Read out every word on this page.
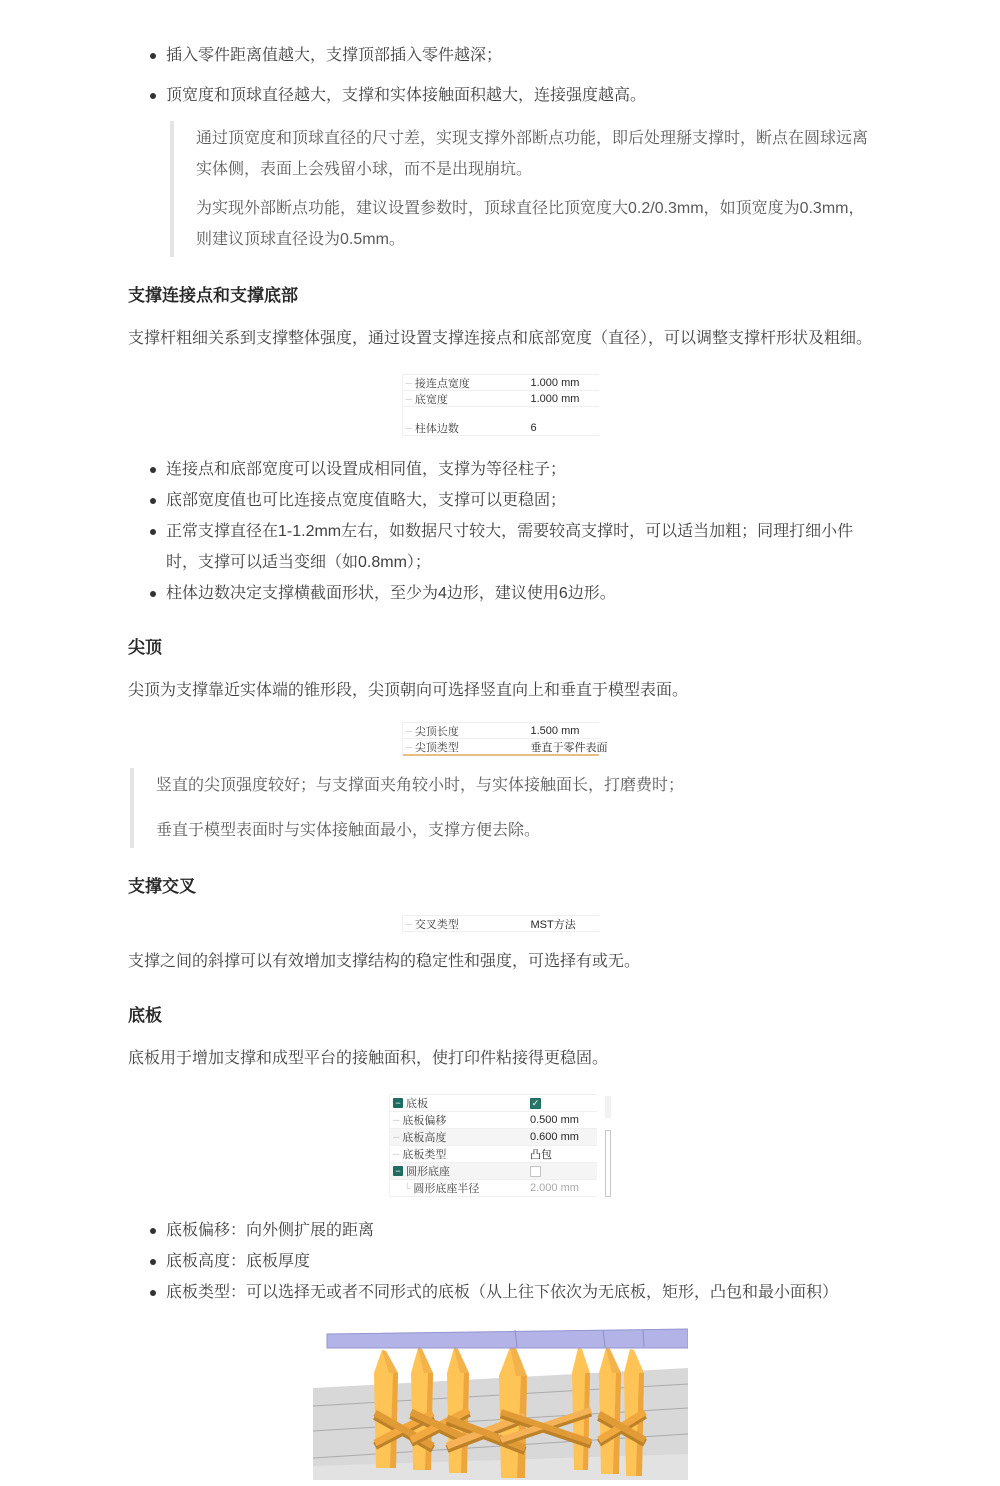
插入零件距离值越大，支撑顶部插入零件越深；
顶宽度和顶球直径越大，支撑和实体接触面积越大，连接强度越高。

通过顶宽度和顶球直径的尺寸差，实现支撑外部断点功能，即后处理掰支撑时，断点在圆球远离实体侧，表面上会残留小球，而不是出现崩坑。

为实现外部断点功能，建议设置参数时，顶球直径比顶宽度大0.2/0.3mm，如顶宽度为0.3mm，则建议顶球直径设为0.5mm。

支撑连接点和支撑底部

支撑杆粗细关系到支撑整体强度，通过设置支撑连接点和底部宽度（直径），可以调整支撑杆形状及粗细。

─ 接连点宽度	1.000 mm
─ 底宽度	1.000 mm
─ 柱体边数	6
连接点和底部宽度可以设置成相同值，支撑为等径柱子；
底部宽度值也可比连接点宽度值略大，支撑可以更稳固；
正常支撑直径在1-1.2mm左右，如数据尺寸较大，需要较高支撑时，可以适当加粗；同理打细小件时，支撑可以适当变细（如0.8mm）；
柱体边数决定支撑横截面形状，至少为4边形，建议使用6边形。
尖顶

尖顶为支撑靠近实体端的锥形段，尖顶朝向可选择竖直向上和垂直于模型表面。

─ 尖顶长度	1.500 mm
─ 尖顶类型	垂直于零件表面

竖直的尖顶强度较好；与支撑面夹角较小时，与实体接触面长，打磨费时；

垂直于模型表面时与实体接触面最小，支撑方便去除。

支撑交叉
─ 交叉类型	MST方法

支撑之间的斜撑可以有效增加支撑结构的稳定性和强度，可选择有或无。

底板

底板用于增加支撑和成型平台的接触面积，使打印件粘接得更稳固。

− 底板	✓
─ 底板偏移	0.500 mm
─ 底板高度	0.600 mm
─ 底板类型	凸包
− 圆形底座
└ 圆形底座半径	2.000 mm
底板偏移：向外侧扩展的距离
底板高度：底板厚度
底板类型：可以选择无或者不同形式的底板（从上往下依次为无底板，矩形，凸包和最小面积）
